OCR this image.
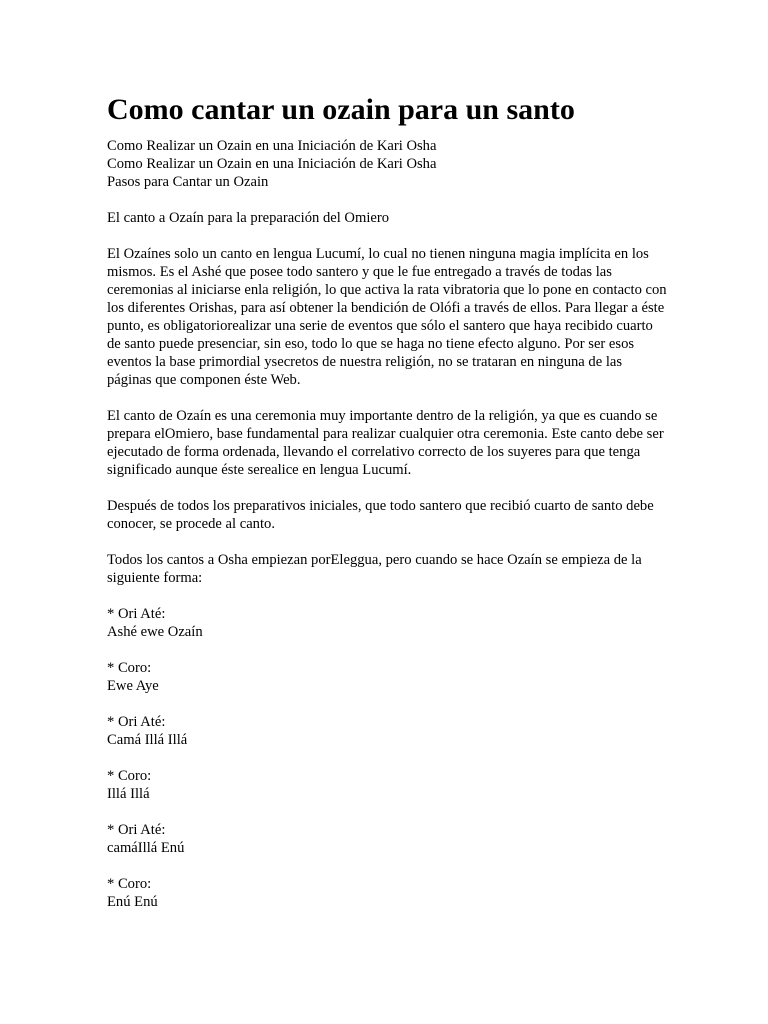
Como cantar un ozain para un santo
Como Realizar un Ozain en una Iniciación de Kari Osha
Como Realizar un Ozain en una Iniciación de Kari Osha
Pasos para Cantar un Ozain
El canto a Ozaín para la preparación del Omiero
El Ozaínes solo un canto en lengua Lucumí, lo cual no tienen ninguna magia implícita en los mismos. Es el Ashé que posee todo santero y que le fue entregado a través de todas las ceremonias al iniciarse enla religión, lo que activa la rata vibratoria que lo pone en contacto con los diferentes Orishas, para así obtener la bendición de Olófi a través de ellos. Para llegar a éste punto, es obligatoriorealizar una serie de eventos que sólo el santero que haya recibido cuarto de santo puede presenciar, sin eso, todo lo que se haga no tiene efecto alguno. Por ser esos eventos la base primordial ysecretos de nuestra religión, no se trataran en ninguna de las páginas que componen éste Web.
El canto de Ozaín es una ceremonia muy importante dentro de la religión, ya que es cuando se prepara elOmiero, base fundamental para realizar cualquier otra ceremonia. Este canto debe ser ejecutado de forma ordenada, llevando el correlativo correcto de los suyeres para que tenga significado aunque éste serealice en lengua Lucumí.
Después de todos los preparativos iniciales, que todo santero que recibió cuarto de santo debe conocer, se procede al canto.
Todos los cantos a Osha empiezan porEleggua, pero cuando se hace Ozaín se empieza de la siguiente forma:
* Ori Até:
Ashé ewe Ozaín
* Coro:
Ewe Aye
* Ori Até:
Camá Illá Illá
* Coro:
Illá Illá
* Ori Até:
camáIllá Enú
* Coro:
Enú Enú
